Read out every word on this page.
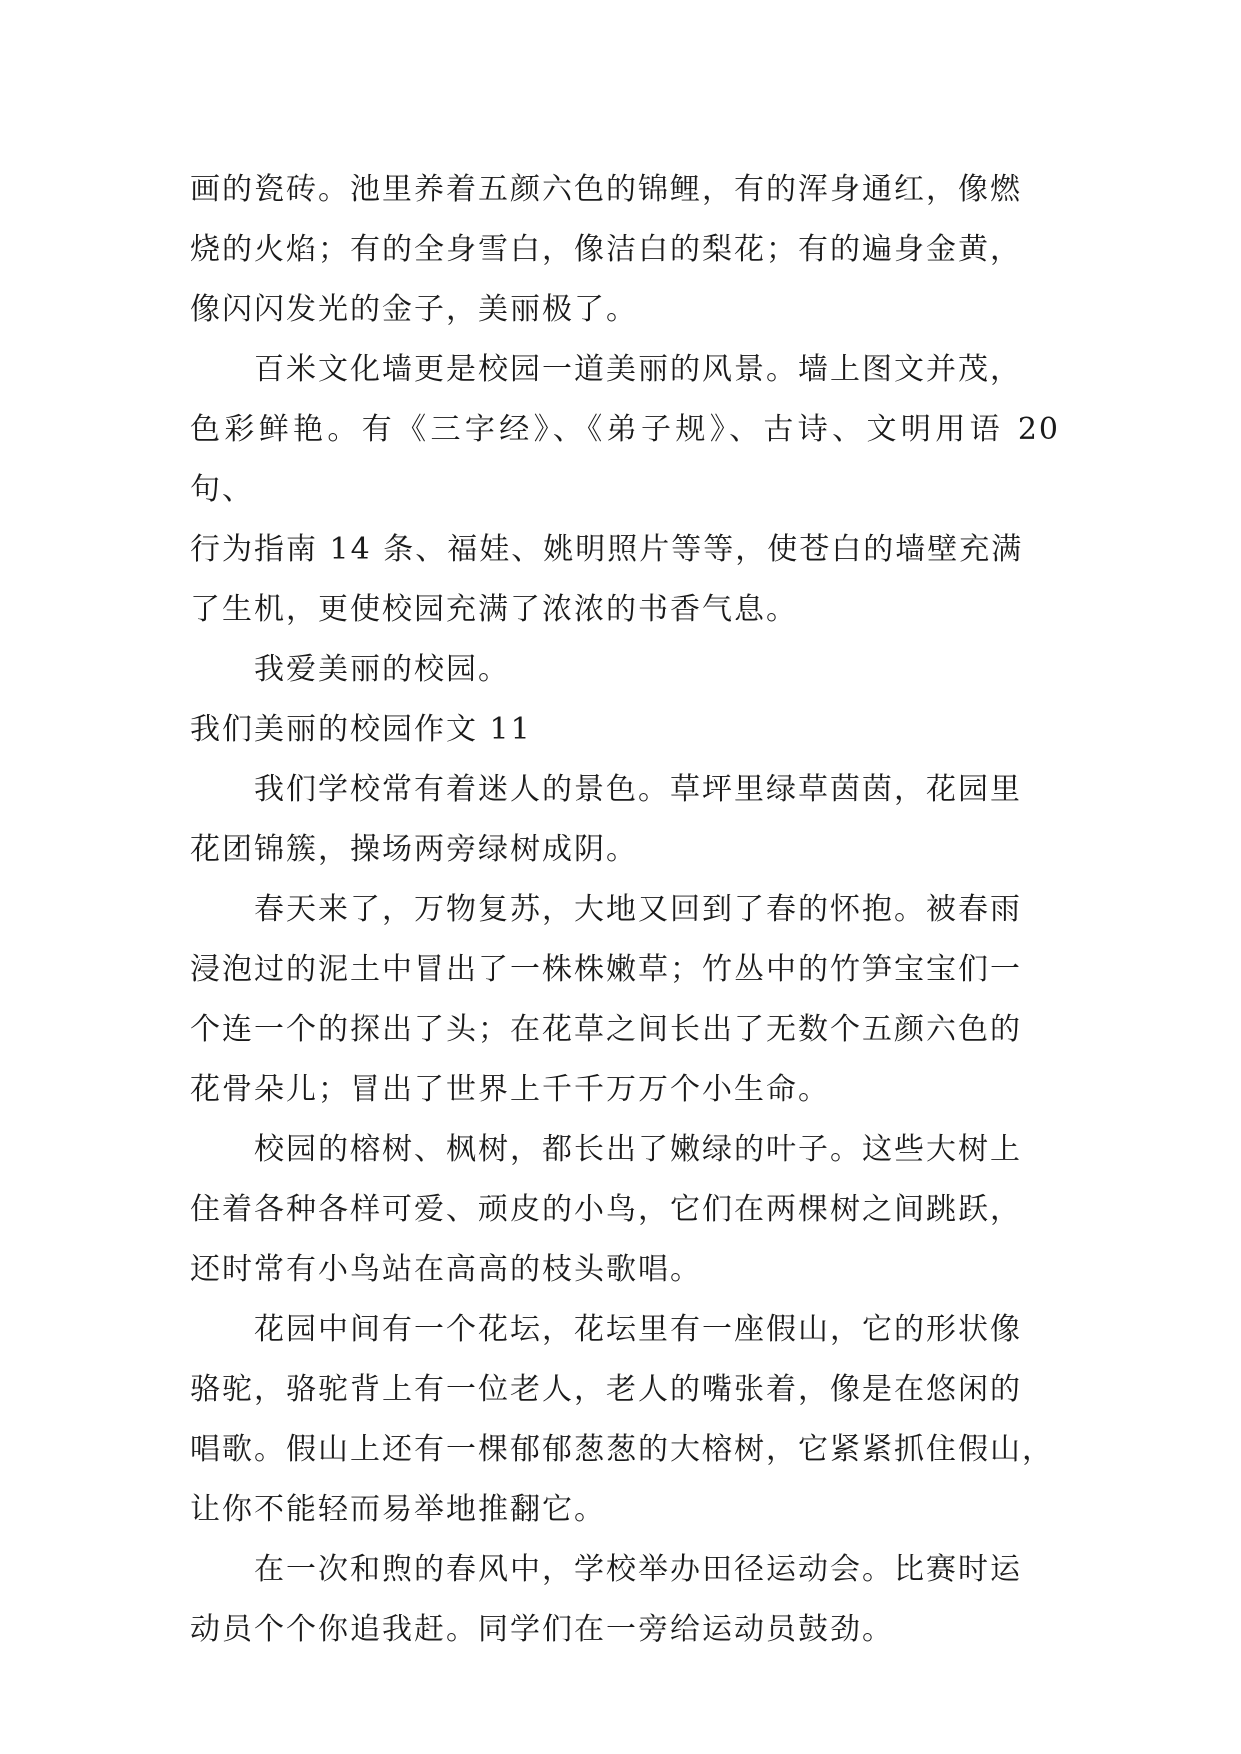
画的瓷砖。池里养着五颜六色的锦鲤，有的浑身通红，像燃
烧的火焰；有的全身雪白，像洁白的梨花；有的遍身金黄，
像闪闪发光的金子，美丽极了。

百米文化墙更是校园一道美丽的风景。墙上图文并茂，
色彩鲜艳。有《三字经》、《弟子规》、古诗、文明用语 20 句、
行为指南 14 条、福娃、姚明照片等等，使苍白的墙壁充满
了生机，更使校园充满了浓浓的书香气息。

我爱美丽的校园。

我们美丽的校园作文 11

我们学校常有着迷人的景色。草坪里绿草茵茵，花园里
花团锦簇，操场两旁绿树成阴。

春天来了，万物复苏，大地又回到了春的怀抱。被春雨
浸泡过的泥土中冒出了一株株嫩草；竹丛中的竹笋宝宝们一
个连一个的探出了头；在花草之间长出了无数个五颜六色的
花骨朵儿；冒出了世界上千千万万个小生命。

校园的榕树、枫树，都长出了嫩绿的叶子。这些大树上
住着各种各样可爱、顽皮的小鸟，它们在两棵树之间跳跃，
还时常有小鸟站在高高的枝头歌唱。

花园中间有一个花坛，花坛里有一座假山，它的形状像
骆驼，骆驼背上有一位老人，老人的嘴张着，像是在悠闲的
唱歌。假山上还有一棵郁郁葱葱的大榕树，它紧紧抓住假山，
让你不能轻而易举地推翻它。

在一次和煦的春风中，学校举办田径运动会。比赛时运
动员个个你追我赶。同学们在一旁给运动员鼓劲。
